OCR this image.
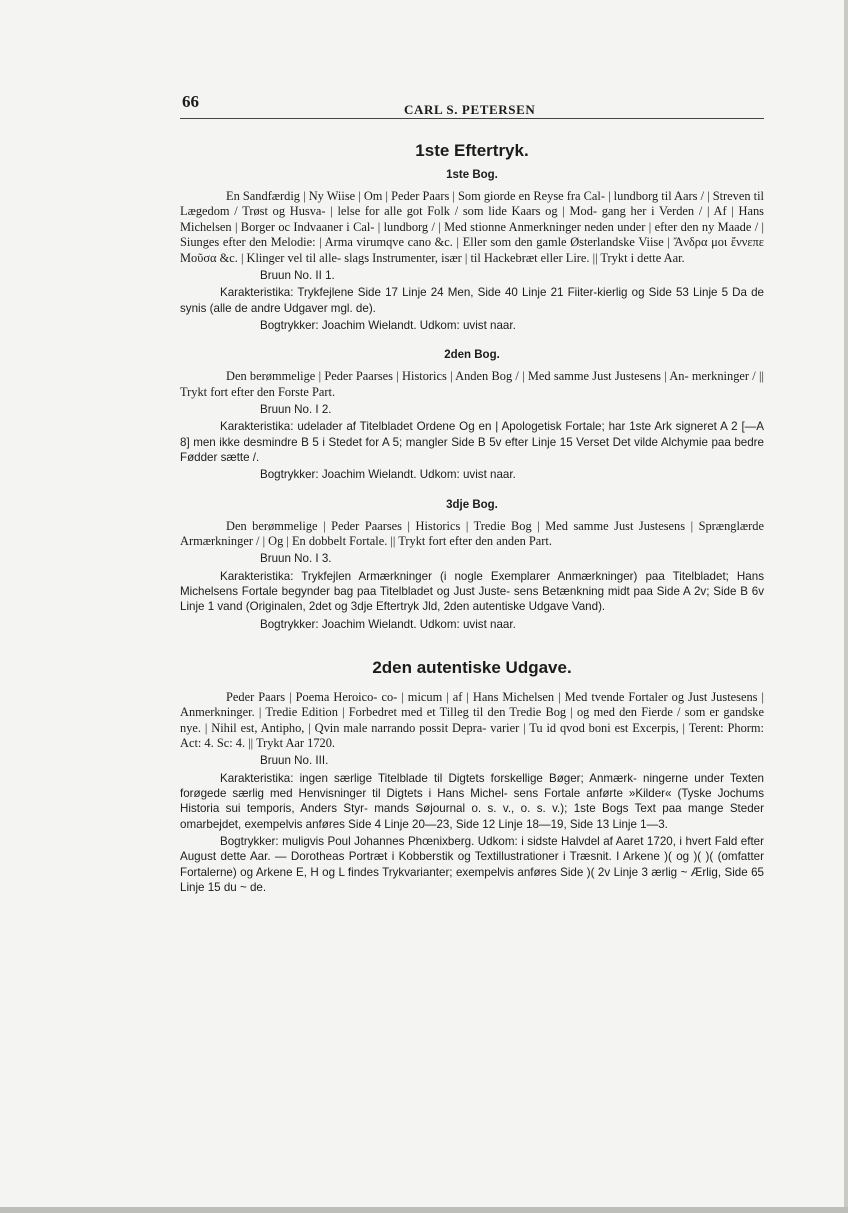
66	CARL S. PETERSEN
1ste Eftertryk.
1ste Bog.

En Sandfærdig | Ny Wiise | Om | Peder Paars | Som giorde en Reyse fra Cal- | lundborg til Aars / | Streven til Lægedom / Trøst og Husva- | lelse for alle got Folk / som lide Kaars og | Mod- gang her i Verden / | Af | Hans Michelsen | Borger oc Indvaaner i Cal- | lundborg / | Med stionne Anmerkninger neden under | efter den ny Maade / | Siunges efter den Melodie: | Arma virumqve cano &c. | Eller som den gamle Østerlandske Viise | Ἄνδρα μοι ἔννεπε Μοῦσα &c. | Klinger vel til alle- slags Instrumenter, især | til Hackebræt eller Lire. || Trykt i dette Aar.

Bruun No. II 1.

Karakteristika: Trykfejlene Side 17 Linje 24 Men, Side 40 Linje 21 Fiiter-kierlig og Side 53 Linje 5 Da de synis (alle de andre Udgaver mgl. de).

Bogtrykker: Joachim Wielandt. Udkom: uvist naar.

2den Bog.

Den berømmelige | Peder Paarses | Historics | Anden Bog / | Med samme Just Justesens | An- merkninger / || Trykt fort efter den Forste Part.

Bruun No. I 2.

Karakteristika: udelader af Titelbladet Ordene Og en | Apologetisk Fortale; har 1ste Ark signeret A 2 [—A 8] men ikke desmindre B 5 i Stedet for A 5; mangler Side B 5v efter Linje 15 Verset Det vilde Alchymie paa bedre Fødder sætte /.

Bogtrykker: Joachim Wielandt. Udkom: uvist naar.

3dje Bog.

Den berømmelige | Peder Paarses | Historics | Tredie Bog | Med samme Just Justesens | Sprænglærde Armærkninger / | Og | En dobbelt Fortale. || Trykt fort efter den anden Part.

Bruun No. I 3.

Karakteristika: Trykfejlen Armærkninger (i nogle Exemplarer Anmærkninger) paa Titelbladet; Hans Michelsens Fortale begynder bag paa Titelbladet og Just Juste- sens Betænkning midt paa Side A 2v; Side B 6v Linje 1 vand (Originalen, 2det og 3dje Eftertryk Jld, 2den autentiske Udgave Vand).

Bogtrykker: Joachim Wielandt. Udkom: uvist naar.

2den autentiske Udgave.

Peder Paars | Poema Heroico- co- | micum | af | Hans Michelsen | Med tvende Fortaler og Just Justesens | Anmerkninger. | Tredie Edition | Forbedret med et Tilleg til den Tredie Bog | og med den Fierde / som er gandske nye. | Nihil est, Antipho, | Qvin male narrando possit Depra- varier | Tu id qvod boni est Excerpis, | Terent: Phorm: Act: 4. Sc: 4. || Trykt Aar 1720.

Bruun No. III.

Karakteristika: ingen særlige Titelblade til Digtets forskellige Bøger; Anmærk- ningerne under Texten forøgede særlig med Henvisninger til Digtets i Hans Michel- sens Fortale anførte »Kilder« (Tyske Jochums Historia sui temporis, Anders Styr- mands Søjournal o. s. v., o. s. v.); 1ste Bogs Text paa mange Steder omarbejdet, exempelvis anføres Side 4 Linje 20—23, Side 12 Linje 18—19, Side 13 Linje 1—3.

Bogtrykker: muligvis Poul Johannes Phœnixberg. Udkom: i sidste Halvdel af Aaret 1720, i hvert Fald efter August dette Aar. — Dorotheas Portræt i Kobberstik og Textillustrationer i Træsnit. I Arkene )( og )( )( (omfatter Fortalerne) og Arkene E, H og L findes Trykvarianter; exempelvis anføres Side )( 2v Linje 3 ærlig ~ Ærlig, Side 65 Linje 15 du ~ de.
